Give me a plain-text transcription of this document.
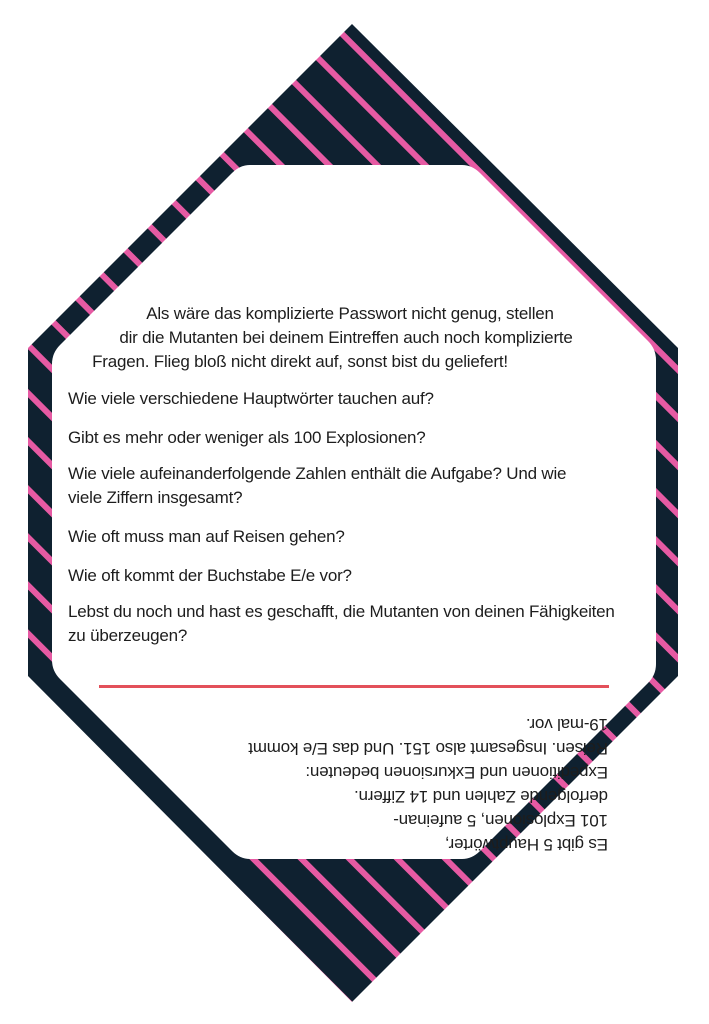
Als wäre das komplizierte Passwort nicht genug, stellen
dir die Mutanten bei deinem Eintreffen auch noch komplizierte
Fragen. Flieg bloß nicht direkt auf, sonst bist du geliefert!
Wie viele verschiedene Hauptwörter tauchen auf?
Gibt es mehr oder weniger als 100 Explosionen?
Wie viele aufeinanderfolgende Zahlen enthält die Aufgabe? Und wie
viele Ziffern insgesamt?
Wie oft muss man auf Reisen gehen?
Wie oft kommt der Buchstabe E/e vor?
Lebst du noch und hast es geschafft, die Mutanten von deinen Fähigkeiten
zu überzeugen?
Es gibt 5 Hauptwörter,
101 Explosionen, 5 aufeinan-
derfolgende Zahlen und 14 Ziffern.
Expeditionen und Exkursionen bedeuten:
Reisen. Insgesamt also 151. Und das E/e kommt
19-mal vor.
